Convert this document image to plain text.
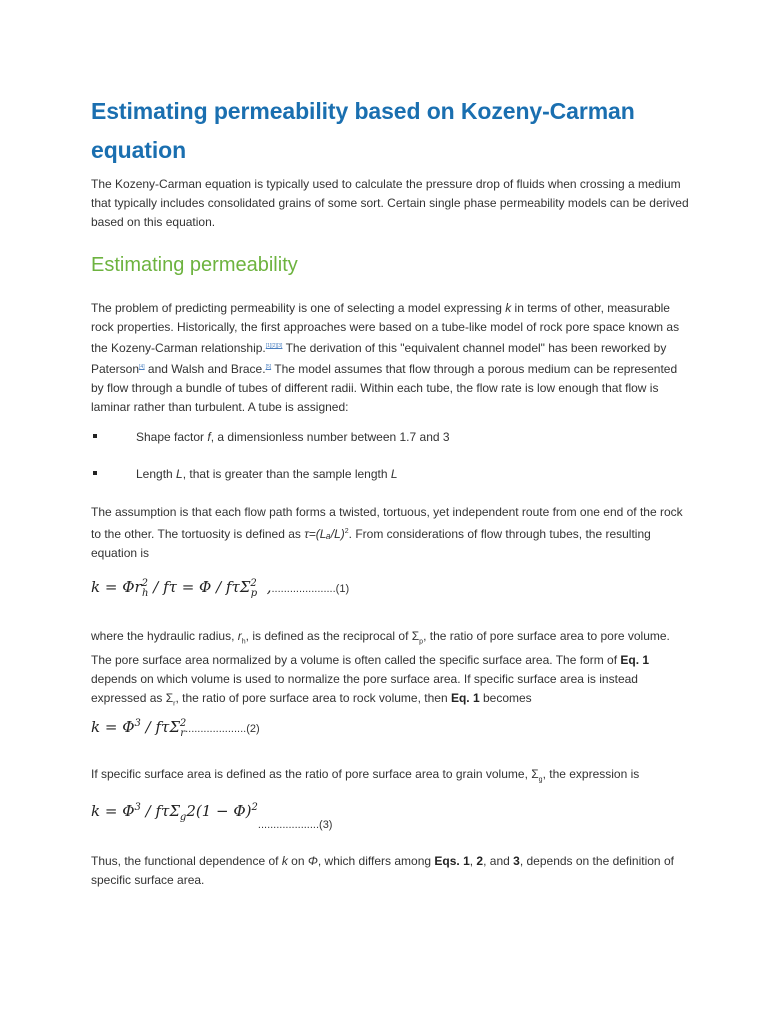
Estimating permeability based on Kozeny-Carman equation

The Kozeny-Carman equation is typically used to calculate the pressure drop of fluids when crossing a medium that typically includes consolidated grains of some sort. Certain single phase permeability models can be derived based on this equation.

Estimating permeability

The problem of predicting permeability is one of selecting a model expressing k in terms of other, measurable rock properties. Historically, the first approaches were based on a tube-like model of rock pore space known as the Kozeny-Carman relationship.[1][2][3] The derivation of this "equivalent channel model" has been reworked by Paterson[4] and Walsh and Brace.[5] The model assumes that flow through a porous medium can be represented by flow through a bundle of tubes of different radii. Within each tube, the flow rate is low enough that flow is laminar rather than turbulent. A tube is assigned:

Shape factor f, a dimensionless number between 1.7 and 3
Length L, that is greater than the sample length L

The assumption is that each flow path forms a twisted, tortuous, yet independent route from one end of the rock to the other. The tortuosity is defined as $\tau=(L_a/L)^2$. From considerations of flow through tubes, the resulting equation is

$k = \Phi r^2_h$ ∕ fτ = Φ ∕ fτΣ$^2_p$  ,.....................(1)

where the hydraulic radius, $r_h$, is defined as the reciprocal of $\Sigma_p$, the ratio of pore surface area to pore volume. The pore surface area normalized by a volume is often called the specific surface area. The form of Eq. 1 depends on which volume is used to normalize the pore surface area. If specific surface area is instead expressed as $\Sigma_r$, the ratio of pore surface area to rock volume, then Eq. 1 becomes

$k = \Phi^3$ ∕ fτΣ$^2_r$....................(2)

If specific surface area is defined as the ratio of pore surface area to grain volume, $\Sigma_g$, the expression is

$k = \Phi^3$ ∕ $f\tau\Sigma_g2(1 - \Phi)^2_{....................(3)}$

Thus, the functional dependence of k on Φ, which differs among Eqs. 1, 2, and 3, depends on the definition of specific surface area.
